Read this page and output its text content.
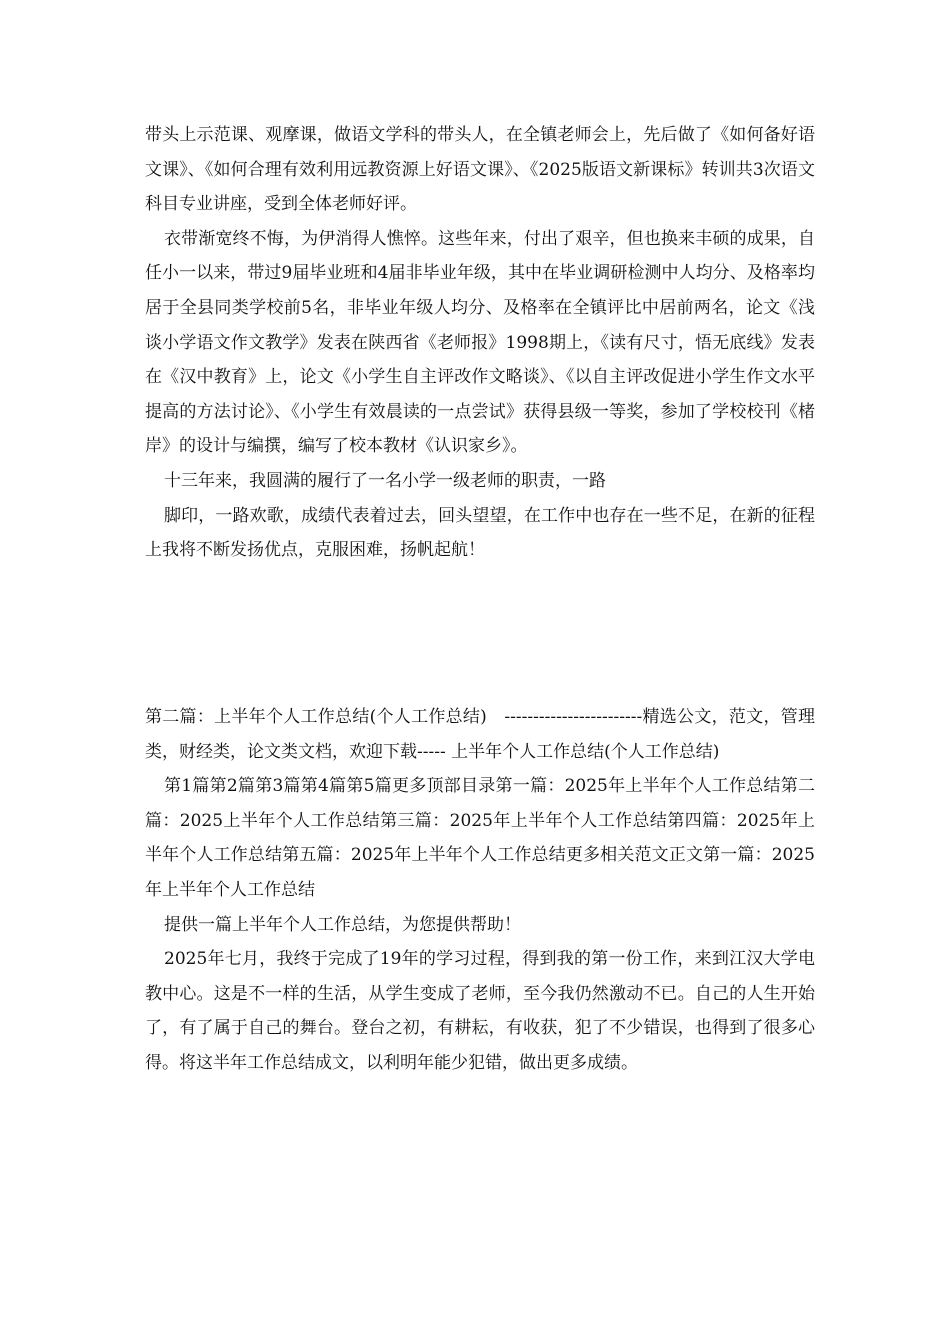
带头上示范课、观摩课，做语文学科的带头人，在全镇老师会上，先后做了《如何备好语文课》、《如何合理有效利用远教资源上好语文课》、《2025版语文新课标》转训共3次语文科目专业讲座，受到全体老师好评。

衣带渐宽终不悔，为伊消得人憔悴。这些年来，付出了艰辛，但也换来丰硕的成果，自任小一以来，带过9届毕业班和4届非毕业年级，其中在毕业调研检测中人均分、及格率均居于全县同类学校前5名，非毕业年级人均分、及格率在全镇评比中居前两名，论文《浅谈小学语文作文教学》发表在陕西省《老师报》1998期上，《读有尺寸，悟无底线》发表在《汉中教育》上，论文《小学生自主评改作文略谈》、《以自主评改促进小学生作文水平提高的方法讨论》、《小学生有效晨读的一点尝试》获得县级一等奖，参加了学校校刊《楮岸》的设计与编撰，编写了校本教材《认识家乡》。

十三年来，我圆满的履行了一名小学一级老师的职责，一路

脚印，一路欢歌，成绩代表着过去，回头望望，在工作中也存在一些不足，在新的征程上我将不断发扬优点，克服困难，扬帆起航！

第二篇：上半年个人工作总结(个人工作总结)　------------------------精选公文，范文，管理类，财经类，论文类文档，欢迎下载----- 上半年个人工作总结(个人工作总结)

第1篇第2篇第3篇第4篇第5篇更多顶部目录第一篇：2025年上半年个人工作总结第二篇：2025上半年个人工作总结第三篇：2025年上半年个人工作总结第四篇：2025年上半年个人工作总结第五篇：2025年上半年个人工作总结更多相关范文正文第一篇：2025年上半年个人工作总结

提供一篇上半年个人工作总结，为您提供帮助！

2025年七月，我终于完成了19年的学习过程，得到我的第一份工作，来到江汉大学电教中心。这是不一样的生活，从学生变成了老师，至今我仍然激动不已。自己的人生开始了，有了属于自己的舞台。登台之初，有耕耘，有收获，犯了不少错误，也得到了很多心得。将这半年工作总结成文，以利明年能少犯错，做出更多成绩。
